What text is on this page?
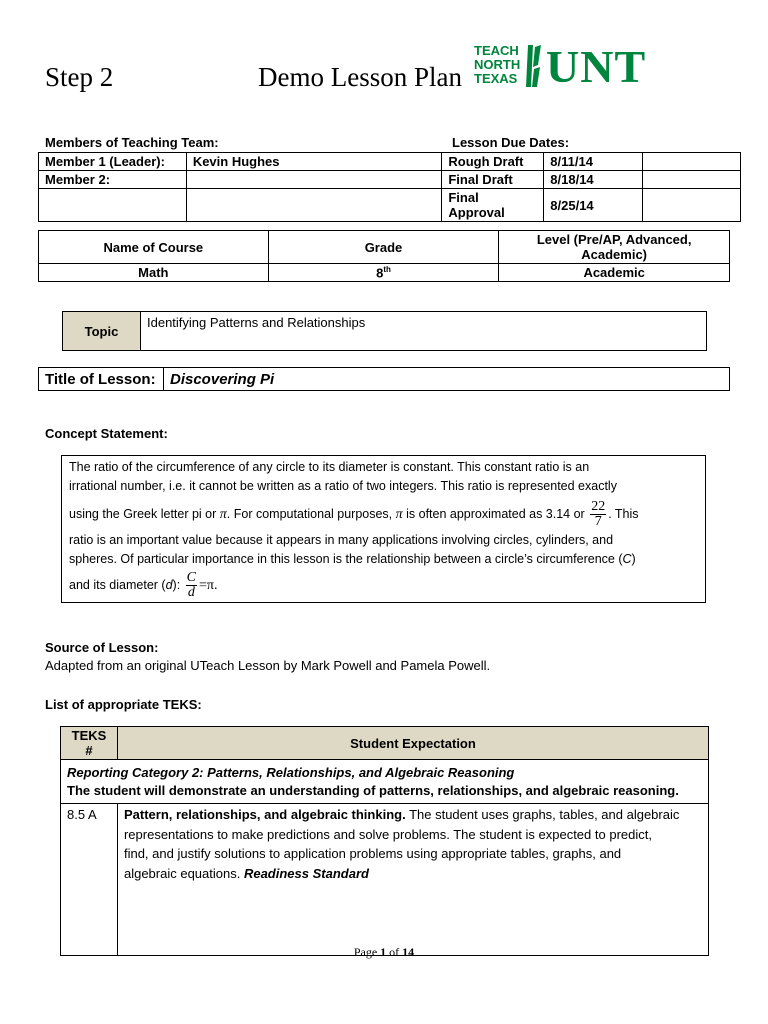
Step 2	Demo Lesson Plan
TEACH
NORTH
TEXAS UNT
Members of Teaching Team:	Lesson Due Dates:
Member 1 (Leader):	Kevin Hughes	Rough Draft	8/11/14	
Member 2:		Final Draft	8/18/14	
		Final Approval	8/25/14	
Name of Course	Grade	Level (Pre/AP, Advanced, Academic)
Math	8th	Academic
Topic	Identifying Patterns and Relationships
Title of Lesson:	Discovering Pi
Concept Statement:
The ratio of the circumference of any circle to its diameter is constant. This constant ratio is an
irrational number, i.e. it cannot be written as a ratio of two integers. This ratio is represented exactly
using the Greek letter pi or π. For computational purposes, π is often approximated as 3.14 or $\frac{22}{7}$ . This
ratio is an important value because it appears in many applications involving circles, cylinders, and
spheres. Of particular importance in this lesson is the relationship between a circle’s circumference (C)
and its diameter (d): $\frac{C}{d} =\pi$.
Source of Lesson:
Adapted from an original UTeach Lesson by Mark Powell and Pamela Powell.
List of appropriate TEKS:
TEKS #	Student Expectation

Reporting Category 2: Patterns, Relationships, and Algebraic Reasoning
The student will demonstrate an understanding of patterns, relationships, and algebraic reasoning.	

8.5 A	Pattern, relationships, and algebraic thinking. The student uses graphs, tables, and algebraic
representations to make predictions and solve problems. The student is expected to predict,
find, and justify solutions to application problems using appropriate tables, graphs, and
algebraic equations. Readiness Standard
Page 1 of 14
